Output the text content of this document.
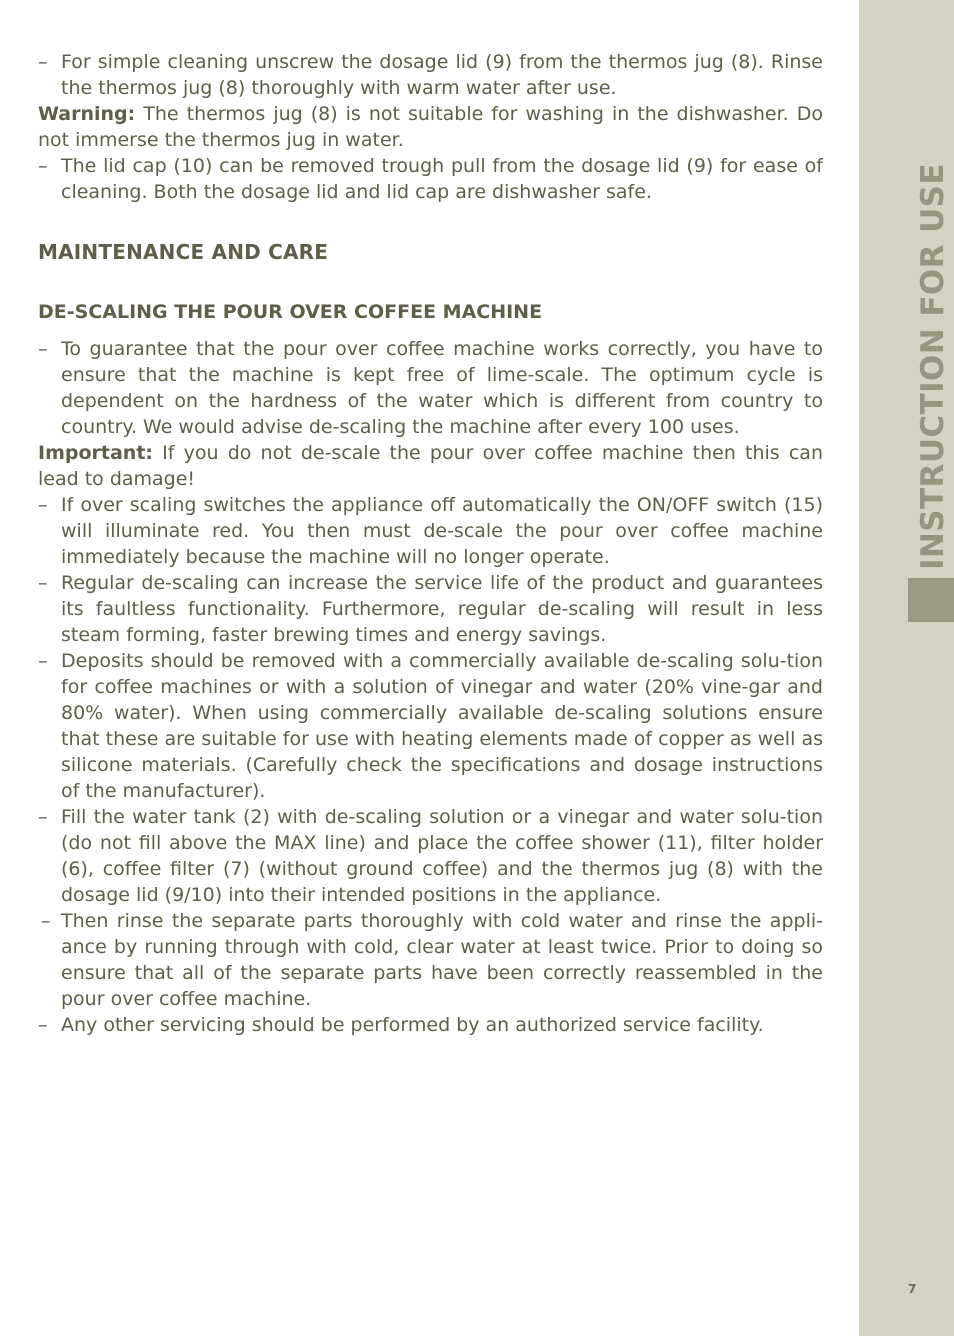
– For simple cleaning unscrew the dosage lid (9) from the thermos jug (8). Rinse the thermos jug (8) thoroughly with warm water after use.

Warning: The thermos jug (8) is not suitable for washing in the dishwasher. Do not immerse the thermos jug in water.

– The lid cap (10) can be removed trough pull from the dosage lid (9) for ease of cleaning. Both the dosage lid and lid cap are dishwasher safe.

MAINTENANCE AND CARE
DE-SCALING THE POUR OVER COFFEE MACHINE

– To guarantee that the pour over coffee machine works correctly, you have to ensure that the machine is kept free of lime-scale. The optimum cycle is dependent on the hardness of the water which is different from country to country. We would advise de-scaling the machine after every 100 uses.

Important: If you do not de-scale the pour over coffee machine then this can lead to damage!

– If over scaling switches the appliance off automatically the ON/OFF switch (15) will illuminate red. You then must de-scale the pour over coffee machine immediately because the machine will no longer operate.

– Regular de-scaling can increase the service life of the product and guarantees its faultless functionality. Furthermore, regular de-scaling will result in less steam forming, faster brewing times and energy savings.

– Deposits should be removed with a commercially available de-scaling solu-tion for coffee machines or with a solution of vinegar and water (20% vine-gar and 80% water). When using commercially available de-scaling solutions ensure that these are suitable for use with heating elements made of copper as well as silicone materials. (Carefully check the specifications and dosage instructions of the manufacturer).

– Fill the water tank (2) with de-scaling solution or a vinegar and water solu-tion (do not fill above the MAX line) and place the coffee shower (11), filter holder (6), coffee filter (7) (without ground coffee) and the thermos jug (8) with the dosage lid (9/10) into their intended positions in the appliance.

– Then rinse the separate parts thoroughly with cold water and rinse the appli-ance by running through with cold, clear water at least twice. Prior to doing so ensure that all of the separate parts have been correctly reassembled in the pour over coffee machine.

– Any other servicing should be performed by an authorized service facility.

INSTRUCTION FOR USE
7
